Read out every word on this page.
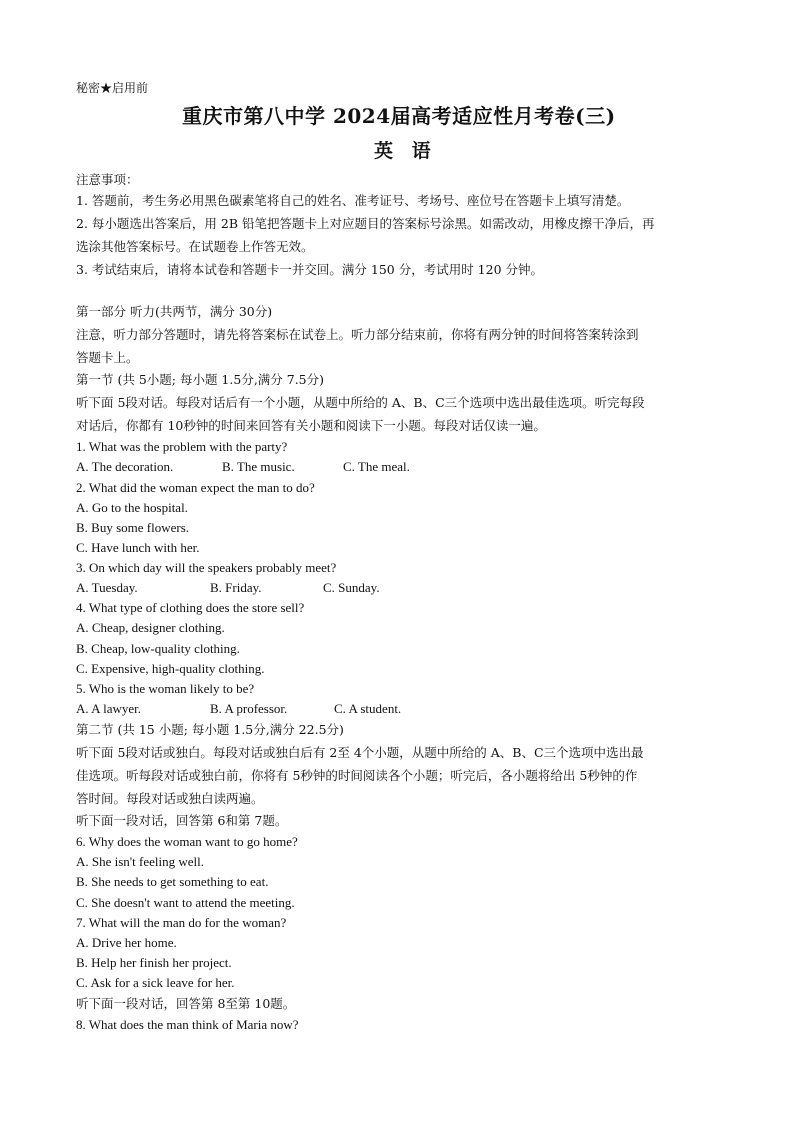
秘密★启用前
重庆市第八中学 2024届高考适应性月考卷(三)
英 语
注意事项：
1. 答题前，考生务必用黑色碳素笔将自己的姓名、准考证号、考场号、座位号在答题卡上填写清楚。
2. 每小题选出答案后，用 2B 铅笔把答题卡上对应题目的答案标号涂黑。如需改动，用橡皮擦干净后，再
选涂其他答案标号。在试题卷上作答无效。
3. 考试结束后，请将本试卷和答题卡一并交回。满分 150 分，考试用时 120 分钟。
第一部分 听力(共两节，满分 30分)
注意，听力部分答题时，请先将答案标在试卷上。听力部分结束前，你将有两分钟的时间将答案转涂到
答题卡上。
第一节 (共 5小题; 每小题 1.5分,满分 7.5分)
听下面 5段对话。每段对话后有一个小题，从题中所给的 A、B、C三个选项中选出最佳选项。听完每段
对话后，你都有 10秒钟的时间来回答有关小题和阅读下一小题。每段对话仅读一遍。
1. What was the problem with the party?
A. The decoration.	B. The music.	C. The meal.
2. What did the woman expect the man to do?
A. Go to the hospital.
B. Buy some flowers.
C. Have lunch with her.
3. On which day will the speakers probably meet?
A. Tuesday.	B. Friday.	C. Sunday.
4. What type of clothing does the store sell?
A. Cheap, designer clothing.
B. Cheap, low-quality clothing.
C. Expensive, high-quality clothing.
5. Who is the woman likely to be?
A. A lawyer.	B. A professor.	C. A student.
第二节 (共 15 小题; 每小题 1.5分,满分 22.5分)
听下面 5段对话或独白。每段对话或独白后有 2至 4个小题，从题中所给的 A、B、C三个选项中选出最
佳选项。听每段对话或独白前，你将有 5秒钟的时间阅读各个小题；听完后，各小题将给出 5秒钟的作
答时间。每段对话或独白读两遍。
听下面一段对话，回答第 6和第 7题。
6. Why does the woman want to go home?
A. She isn't feeling well.
B. She needs to get something to eat.
C. She doesn't want to attend the meeting.
7. What will the man do for the woman?
A. Drive her home.
B. Help her finish her project.
C. Ask for a sick leave for her.
听下面一段对话，回答第 8至第 10题。
8. What does the man think of Maria now?
